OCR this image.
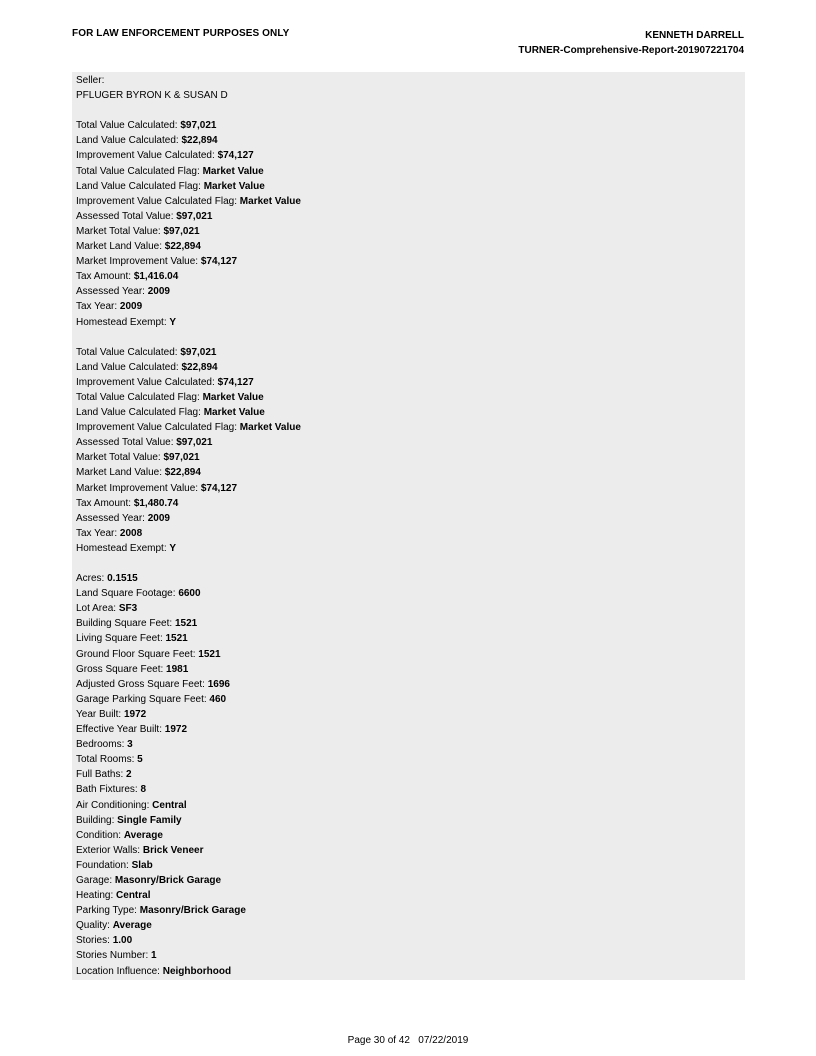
FOR LAW ENFORCEMENT PURPOSES ONLY	KENNETH DARRELL
TURNER-Comprehensive-Report-201907221704
Seller:
PFLUGER BYRON K & SUSAN D
Total Value Calculated: $97,021
Land Value Calculated: $22,894
Improvement Value Calculated: $74,127
Total Value Calculated Flag: Market Value
Land Value Calculated Flag: Market Value
Improvement Value Calculated Flag: Market Value
Assessed Total Value: $97,021
Market Total Value: $97,021
Market Land Value: $22,894
Market Improvement Value: $74,127
Tax Amount: $1,416.04
Assessed Year: 2009
Tax Year: 2009
Homestead Exempt: Y
Total Value Calculated: $97,021
Land Value Calculated: $22,894
Improvement Value Calculated: $74,127
Total Value Calculated Flag: Market Value
Land Value Calculated Flag: Market Value
Improvement Value Calculated Flag: Market Value
Assessed Total Value: $97,021
Market Total Value: $97,021
Market Land Value: $22,894
Market Improvement Value: $74,127
Tax Amount: $1,480.74
Assessed Year: 2009
Tax Year: 2008
Homestead Exempt: Y
Acres: 0.1515
Land Square Footage: 6600
Lot Area: SF3
Building Square Feet: 1521
Living Square Feet: 1521
Ground Floor Square Feet: 1521
Gross Square Feet: 1981
Adjusted Gross Square Feet: 1696
Garage Parking Square Feet: 460
Year Built: 1972
Effective Year Built: 1972
Bedrooms: 3
Total Rooms: 5
Full Baths: 2
Bath Fixtures: 8
Air Conditioning: Central
Building: Single Family
Condition: Average
Exterior Walls: Brick Veneer
Foundation: Slab
Garage: Masonry/Brick Garage
Heating: Central
Parking Type: Masonry/Brick Garage
Quality: Average
Stories: 1.00
Stories Number: 1
Location Influence: Neighborhood
Page 30 of 42 07/22/2019
